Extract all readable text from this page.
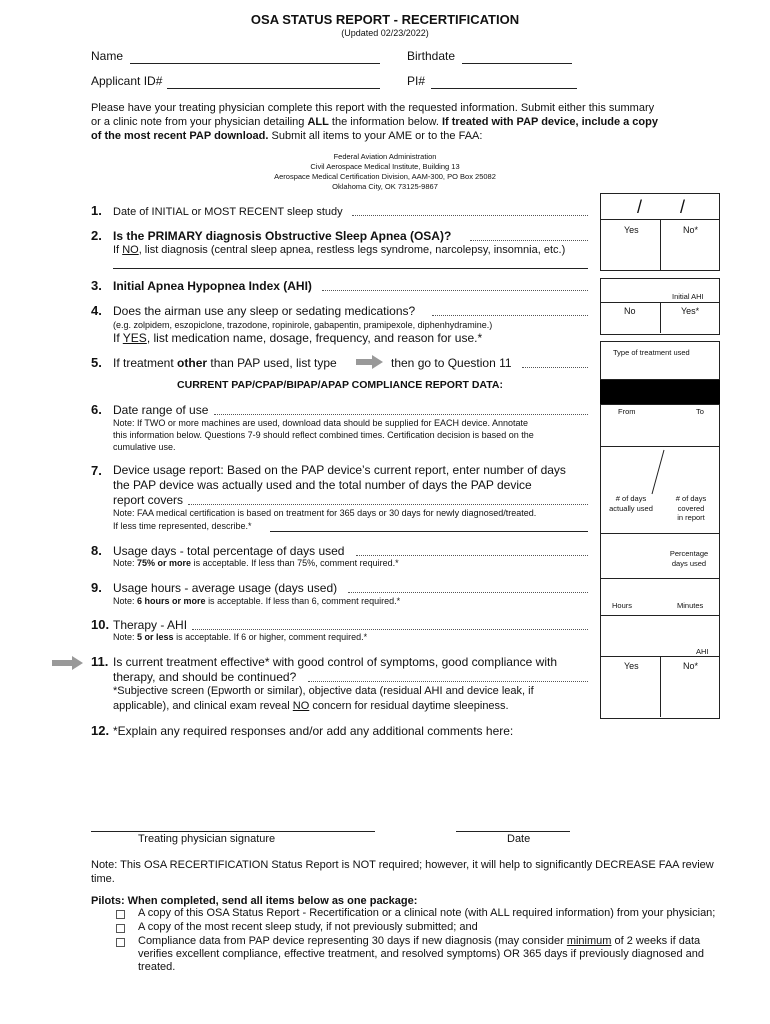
OSA STATUS REPORT - RECERTIFICATION
(Updated 02/23/2022)
Name	Birthdate
Applicant ID#	PI#
Please have your treating physician complete this report with the requested information. Submit either this summary
or a clinic note from your physician detailing ALL the information below. If treated with PAP device, include a copy
of the most recent PAP download. Submit all items to your AME or to the FAA:
Federal Aviation Administration
Civil Aerospace Medical Institute, Building 13
Aerospace Medical Certification Division, AAM-300, PO Box 25082
Oklahoma City, OK 73125-9867
/ /
Yes	No*
Initial AHI
No	Yes*
Type of treatment used
From	To
# of days
actually used
# of days
covered
in report
Percentage
days used
Hours	Minutes
AHI
Yes	No*
1. Date of INITIAL or MOST RECENT sleep study
2. Is the PRIMARY diagnosis Obstructive Sleep Apnea (OSA)?
If NO, list diagnosis (central sleep apnea, restless legs syndrome, narcolepsy, insomnia, etc.)
3. Initial Apnea Hypopnea Index (AHI)
4. Does the airman use any sleep or sedating medications?
(e.g. zolpidem, eszopiclone, trazodone, ropinirole, gabapentin, pramipexole, diphenhydramine.)
If YES, list medication name, dosage, frequency, and reason for use.*
5. If treatment other than PAP used, list type	then go to Question 11
CURRENT PAP/CPAP/BIPAP/APAP COMPLIANCE REPORT DATA:
6. Date range of use
Note: If TWO or more machines are used, download data should be supplied for EACH device. Annotate
this information below. Questions 7-9 should reflect combined times. Certification decision is based on the
cumulative use.
7. Device usage report: Based on the PAP device’s current report, enter number of days
the PAP device was actually used and the total number of days the PAP device
report covers
Note: FAA medical certification is based on treatment for 365 days or 30 days for newly diagnosed/treated.
If less time represented, describe.*
8. Usage days - total percentage of days used
Note: 75% or more is acceptable. If less than 75%, comment required.*
9. Usage hours - average usage (days used)
Note: 6 hours or more is acceptable. If less than 6, comment required.*
10. Therapy - AHI
Note: 5 or less is acceptable. If 6 or higher, comment required.*
11. Is current treatment effective* with good control of symptoms, good compliance with
therapy, and should be continued?
*Subjective screen (Epworth or similar), objective data (residual AHI and device leak, if
applicable), and clinical exam reveal NO concern for residual daytime sleepiness.
12. *Explain any required responses and/or add any additional comments here:
Treating physician signature	Date
Note: This OSA RECERTIFICATION Status Report is NOT required; however, it will help to significantly DECREASE FAA review
time.
Pilots: When completed, send all items below as one package:
A copy of this OSA Status Report - Recertification or a clinical note (with ALL required information) from your physician;
A copy of the most recent sleep study, if not previously submitted; and
Compliance data from PAP device representing 30 days if new diagnosis (may consider minimum of 2 weeks if data
verifies excellent compliance, effective treatment, and resolved symptoms) OR 365 days if previously diagnosed and
treated.
